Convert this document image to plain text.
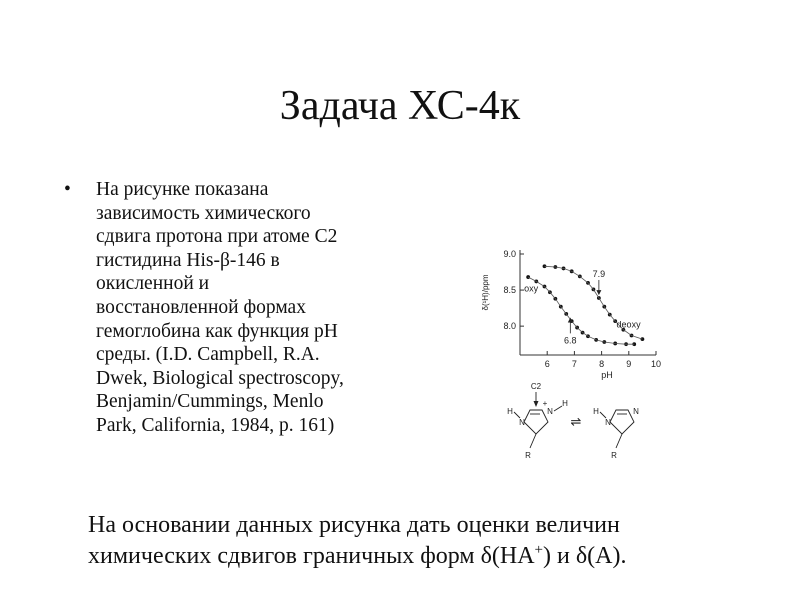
Задача ХС-4к
• На рисунке показана
зависимость химического
сдвига протона при атоме С2
гистидина His-β-146 в
окисленной и
восстановленной формах
гемоглобина как функция pH
среды. (I.D. Campbell, R.A.
Dwek, Biological spectroscopy,
Benjamin/Cummings, Menlo
Park, California, 1984, p. 161)
9.0
8.5
8.0
6 7 8 9 10
pH
δ(¹H)/ppm	oxy
deoxy
6.8
7.9
C2
N
N
+
H
H
R
⇌	N
N
H
R
На основании данных рисунка дать оценки величин
химических сдвигов граничных форм δ(НА+) и δ(А).
